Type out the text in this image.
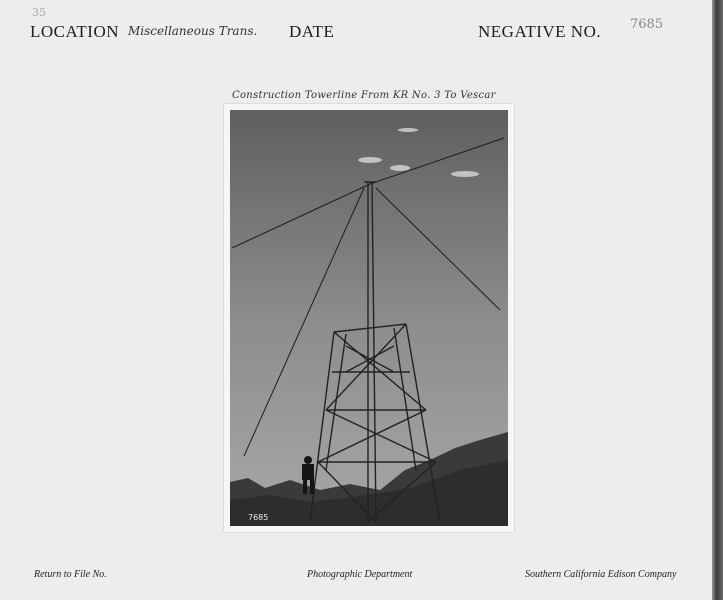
35
LOCATION Miscellaneous Trans. DATE	NEGATIVE NO. 7685
Construction Towerline From KR No. 3 To Vescar
7685
Return to File No.	Photographic Department	Southern California Edison Company
